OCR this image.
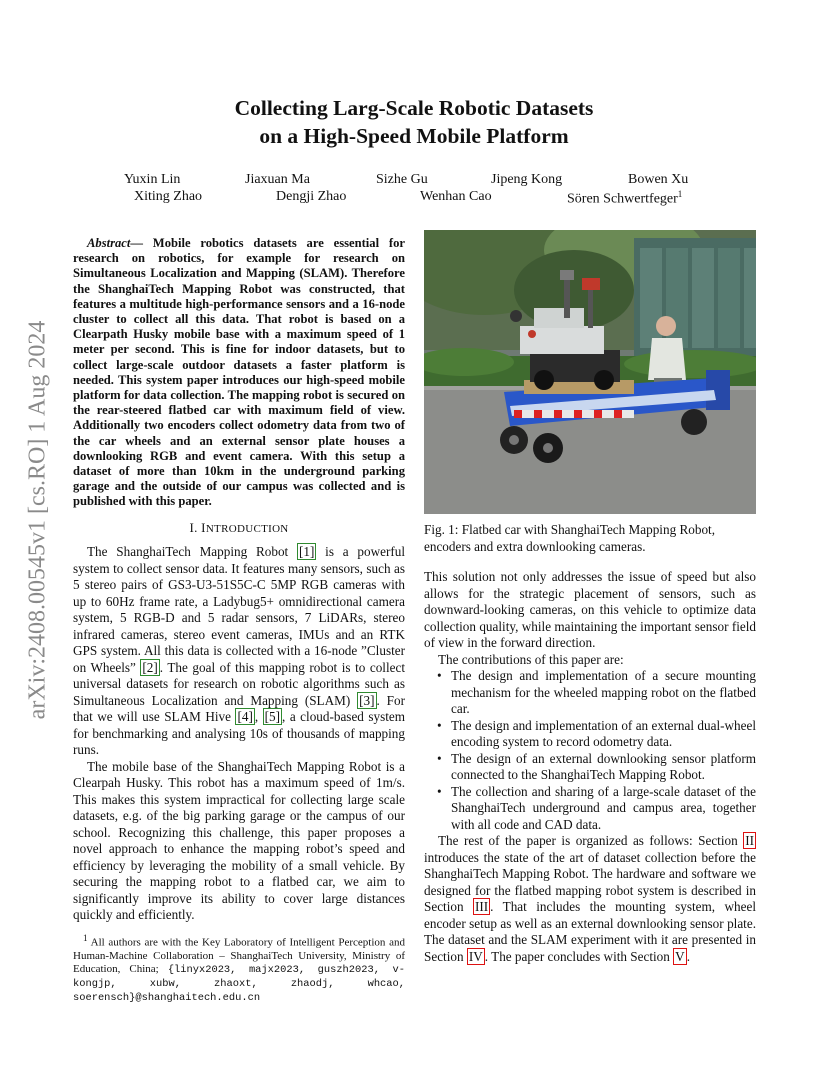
arXiv:2408.00545v1 [cs.RO] 1 Aug 2024
Collecting Larg-Scale Robotic Datasets
on a High-Speed Mobile Platform
Yuxin Lin	Jiaxuan Ma	Sizhe Gu	Jipeng Kong	Bowen Xu
Xiting Zhao	Dengji Zhao	Wenhan Cao	Sören Schwertfeger$^1$
Abstract— Mobile robotics datasets are essential for research on robotics, for example for research on Simultaneous Localization and Mapping (SLAM). Therefore the ShanghaiTech Mapping Robot was constructed, that features a multitude high-performance sensors and a 16-node cluster to collect all this data. That robot is based on a Clearpath Husky mobile base with a maximum speed of 1 meter per second. This is fine for indoor datasets, but to collect large-scale outdoor datasets a faster platform is needed. This system paper introduces our high-speed mobile platform for data collection. The mapping robot is secured on the rear-steered flatbed car with maximum field of view. Additionally two encoders collect odometry data from two of the car wheels and an external sensor plate houses a downlooking RGB and event camera. With this setup a dataset of more than 10km in the underground parking garage and the outside of our campus was collected and is published with this paper.
I. INTRODUCTION

The ShanghaiTech Mapping Robot [1] is a powerful system to collect sensor data. It features many sensors, such as 5 stereo pairs of GS3-U3-51S5C-C 5MP RGB cameras with up to 60Hz frame rate, a Ladybug5+ omnidirectional camera system, 5 RGB-D and 5 radar sensors, 7 LiDARs, stereo infrared cameras, stereo event cameras, IMUs and an RTK GPS system. All this data is collected with a 16-node ”Cluster on Wheels” [2] . The goal of this mapping robot is to collect universal datasets for research on robotic algorithms such as Simultaneous Localization and Mapping (SLAM) [3] . For that we will use SLAM Hive [4] , [5] , a cloud-based system for benchmarking and analysing 10s of thousands of mapping runs.

The mobile base of the ShanghaiTech Mapping Robot is a Clearpah Husky. This robot has a maximum speed of 1m/s. This makes this system impractical for collecting large scale datasets, e.g. of the big parking garage or the campus of our school. Recognizing this challenge, this paper proposes a novel approach to enhance the mapping robot’s speed and efficiency by leveraging the mobility of a small vehicle. By securing the mapping robot to a flatbed car, we aim to significantly improve its ability to cover large distances quickly and efficiently.

$^1$ All authors are with the Key Laboratory of Intelligent Perception and Human-Machine Collaboration – ShanghaiTech University, Ministry of Education, China; {linyx2023, majx2023, guszh2023, v-kongjp, xubw, zhaoxt, zhaodj, whcao, soerensch}@shanghaitech.edu.cn

Fig. 1: Flatbed car with ShanghaiTech Mapping Robot, encoders and extra downlooking cameras.

This solution not only addresses the issue of speed but also allows for the strategic placement of sensors, such as downward-looking cameras, on this vehicle to optimize data collection quality, while maintaining the important sensor field of view in the forward direction.

The contributions of this paper are:

• The design and implementation of a secure mounting mechanism for the wheeled mapping robot on the flatbed car.
• The design and implementation of an external dual-wheel encoding system to record odometry data.
• The design of an external downlooking sensor platform connected to the ShanghaiTech Mapping Robot.
• The collection and sharing of a large-scale dataset of the ShanghaiTech underground and campus area, together with all code and CAD data.

The rest of the paper is organized as follows: Section II introduces the state of the art of dataset collection before the ShanghaiTech Mapping Robot. The hardware and software we designed for the flatbed mapping robot system is described in Section III . That includes the mounting system, wheel encoder setup as well as an external downlooking sensor plate. The dataset and the SLAM experiment with it are presented in Section IV . The paper concludes with Section V .
